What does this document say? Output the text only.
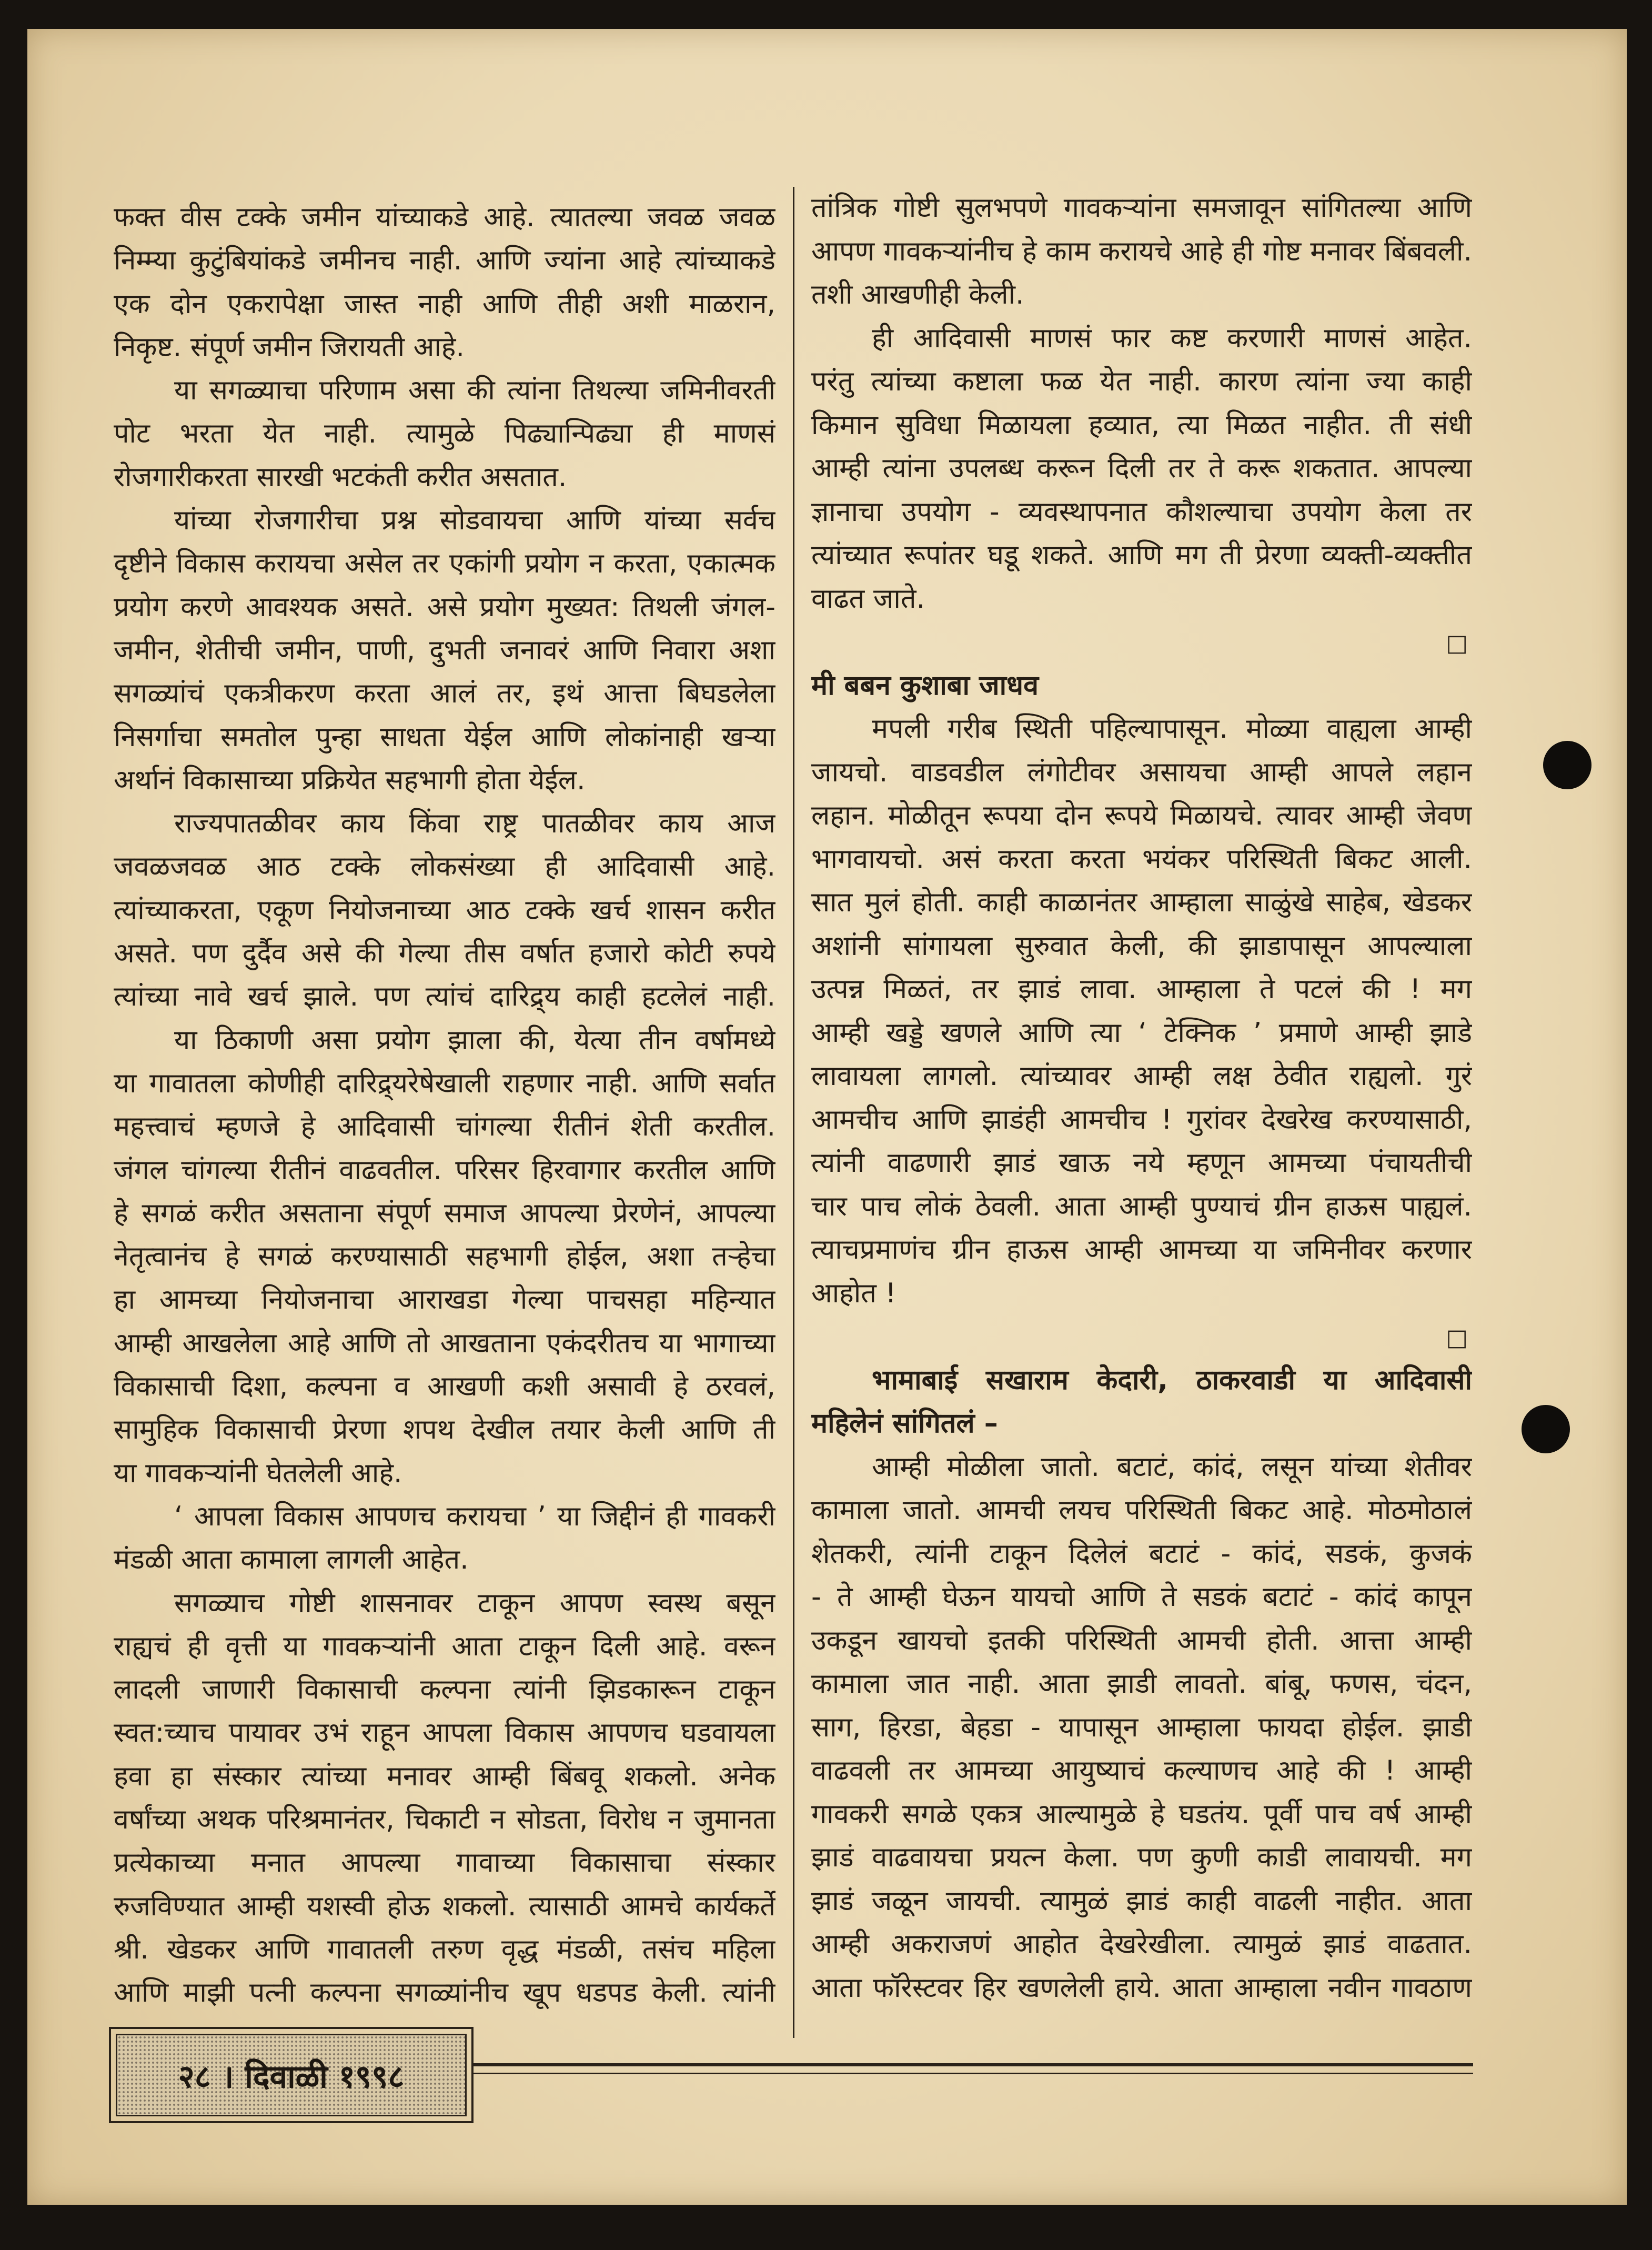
फक्त वीस टक्के जमीन यांच्याकडे आहे. त्यातल्या जवळ जवळ
निम्म्या कुटुंबियांकडे जमीनच नाही. आणि ज्यांना आहे त्यांच्याकडे
एक दोन एकरापेक्षा जास्त नाही आणि तीही अशी माळरान,
निकृष्ट. संपूर्ण जमीन जिरायती आहे.
या सगळ्याचा परिणाम असा की त्यांना तिथल्या जमिनीवरती
पोट भरता येत नाही. त्यामुळे पिढ्यान्पिढ्या ही माणसं
रोजगारीकरता सारखी भटकंती करीत असतात.
यांच्या रोजगारीचा प्रश्न सोडवायचा आणि यांच्या सर्वच
दृष्टीने विकास करायचा असेल तर एकांगी प्रयोग न करता, एकात्मक
प्रयोग करणे आवश्यक असते. असे प्रयोग मुख्यत: तिथली जंगल-
जमीन, शेतीची जमीन, पाणी, दुभती जनावरं आणि निवारा अशा
सगळ्यांचं एकत्रीकरण करता आलं तर, इथं आत्ता बिघडलेला
निसर्गाचा समतोल पुन्हा साधता येईल आणि लोकांनाही खऱ्या
अर्थानं विकासाच्या प्रक्रियेत सहभागी होता येईल.
राज्यपातळीवर काय किंवा राष्ट्र पातळीवर काय आज
जवळजवळ आठ टक्के लोकसंख्या ही आदिवासी आहे.
त्यांच्याकरता, एकूण नियोजनाच्या आठ टक्के खर्च शासन करीत
असते. पण दुर्दैव असे की गेल्या तीस वर्षात हजारो कोटी रुपये
त्यांच्या नावे खर्च झाले. पण त्यांचं दारिद्र्य काही हटलेलं नाही.
या ठिकाणी असा प्रयोग झाला की, येत्या तीन वर्षामध्ये
या गावातला कोणीही दारिद्र्यरेषेखाली राहणार नाही. आणि सर्वात
महत्त्वाचं म्हणजे हे आदिवासी चांगल्या रीतीनं शेती करतील.
जंगल चांगल्या रीतीनं वाढवतील. परिसर हिरवागार करतील आणि
हे सगळं करीत असताना संपूर्ण समाज आपल्या प्रेरणेनं, आपल्या
नेतृत्वानंच हे सगळं करण्यासाठी सहभागी होईल, अशा तऱ्हेचा
हा आमच्या नियोजनाचा आराखडा गेल्या पाचसहा महिन्यात
आम्ही आखलेला आहे आणि तो आखताना एकंदरीतच या भागाच्या
विकासाची दिशा, कल्पना व आखणी कशी असावी हे ठरवलं,
सामुहिक विकासाची प्रेरणा शपथ देखील तयार केली आणि ती
या गावकऱ्यांनी घेतलेली आहे.
‘ आपला विकास आपणच करायचा ’ या जिद्दीनं ही गावकरी
मंडळी आता कामाला लागली आहेत.
सगळ्याच गोष्टी शासनावर टाकून आपण स्वस्थ बसून
राह्यचं ही वृत्ती या गावकऱ्यांनी आता टाकून दिली आहे. वरून
लादली जाणारी विकासाची कल्पना त्यांनी झिडकारून टाकून
स्वत:च्याच पायावर उभं राहून आपला विकास आपणच घडवायला
हवा हा संस्कार त्यांच्या मनावर आम्ही बिंबवू शकलो. अनेक
वर्षांच्या अथक परिश्रमानंतर, चिकाटी न सोडता, विरोध न जुमानता
प्रत्येकाच्या मनात आपल्या गावाच्या विकासाचा संस्कार
रुजविण्यात आम्ही यशस्वी होऊ शकलो. त्यासाठी आमचे कार्यकर्ते
श्री. खेडकर आणि गावातली तरुण वृद्ध मंडळी, तसंच महिला
आणि माझी पत्नी कल्पना सगळ्यांनीच खूप धडपड केली. त्यांनी
तांत्रिक गोष्टी सुलभपणे गावकऱ्यांना समजावून सांगितल्या आणि
आपण गावकऱ्यांनीच हे काम करायचे आहे ही गोष्ट मनावर बिंबवली.
तशी आखणीही केली.
ही आदिवासी माणसं फार कष्ट करणारी माणसं आहेत.
परंतु त्यांच्या कष्टाला फळ येत नाही. कारण त्यांना ज्या काही
किमान सुविधा मिळायला हव्यात, त्या मिळत नाहीत. ती संधी
आम्ही त्यांना उपलब्ध करून दिली तर ते करू शकतात. आपल्या
ज्ञानाचा उपयोग - व्यवस्थापनात कौशल्याचा उपयोग केला तर
त्यांच्यात रूपांतर घडू शकते. आणि मग ती प्रेरणा व्यक्ती-व्यक्तीत
वाढत जाते.
□
मी बबन कुशाबा जाधव
मपली गरीब स्थिती पहिल्यापासून. मोळ्या वाह्यला आम्ही
जायचो. वाडवडील लंगोटीवर असायचा आम्ही आपले लहान
लहान. मोळीतून रूपया दोन रूपये मिळायचे. त्यावर आम्ही जेवण
भागवायचो. असं करता करता भयंकर परिस्थिती बिकट आली.
सात मुलं होती. काही काळानंतर आम्हाला साळुंखे साहेब, खेडकर
अशांनी सांगायला सुरुवात केली, की झाडापासून आपल्याला
उत्पन्न मिळतं, तर झाडं लावा. आम्हाला ते पटलं की ! मग
आम्ही खड्डे खणले आणि त्या ‘ टेक्निक ’ प्रमाणे आम्ही झाडे
लावायला लागलो. त्यांच्यावर आम्ही लक्ष ठेवीत राह्यलो. गुरं
आमचीच आणि झाडंही आमचीच ! गुरांवर देखरेख करण्यासाठी,
त्यांनी वाढणारी झाडं खाऊ नये म्हणून आमच्या पंचायतीची
चार पाच लोकं ठेवली. आता आम्ही पुण्याचं ग्रीन हाऊस पाह्यलं.
त्याचप्रमाणंच ग्रीन हाऊस आम्ही आमच्या या जमिनीवर करणार
आहोत !
□
भामाबाई सखाराम केदारी, ठाकरवाडी या आदिवासी
महिलेनं सांगितलं –
आम्ही मोळीला जातो. बटाटं, कांदं, लसून यांच्या शेतीवर
कामाला जातो. आमची लयच परिस्थिती बिकट आहे. मोठमोठालं
शेतकरी, त्यांनी टाकून दिलेलं बटाटं - कांदं, सडकं, कुजकं
- ते आम्ही घेऊन यायचो आणि ते सडकं बटाटं - कांदं कापून
उकडून खायचो इतकी परिस्थिती आमची होती. आत्ता आम्ही
कामाला जात नाही. आता झाडी लावतो. बांबू, फणस, चंदन,
साग, हिरडा, बेहडा - यापासून आम्हाला फायदा होईल. झाडी
वाढवली तर आमच्या आयुष्याचं कल्याणच आहे की ! आम्ही
गावकरी सगळे एकत्र आल्यामुळे हे घडतंय. पूर्वी पाच वर्ष आम्ही
झाडं वाढवायचा प्रयत्न केला. पण कुणी काडी लावायची. मग
झाडं जळून जायची. त्यामुळं झाडं काही वाढली नाहीत. आता
आम्ही अकराजणं आहोत देखरेखीला. त्यामुळं झाडं वाढतात.
आता फॉरेस्टवर हिर खणलेली हाये. आता आम्हाला नवीन गावठाण
२८ । दिवाळी १९९८
